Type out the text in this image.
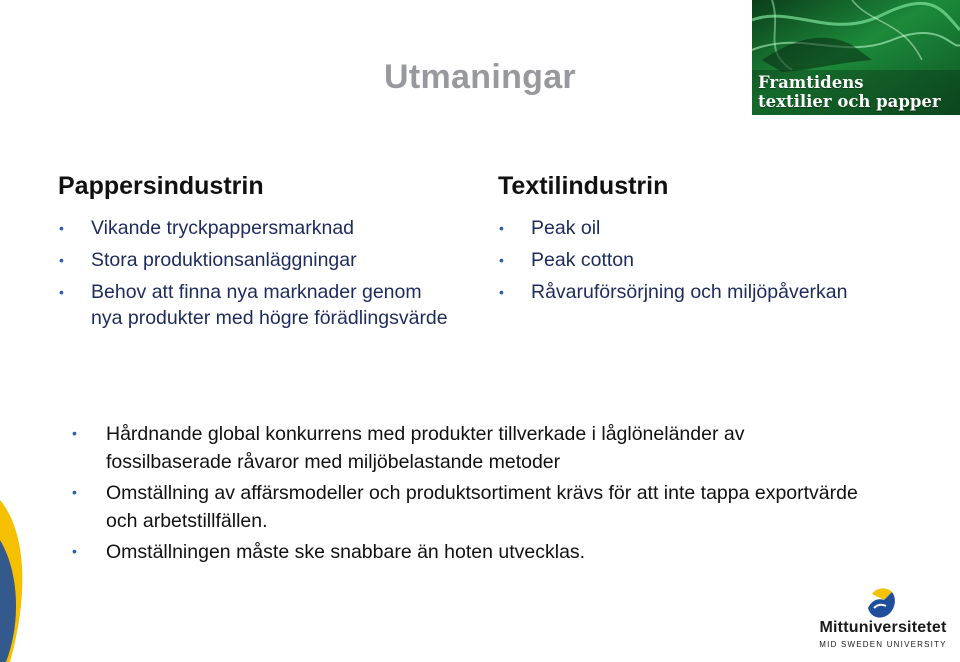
Utmaningar	Framtidens
textilier och papper
Pappersindustrin
• Vikande tryckpappersmarknad
• Stora produktionsanläggningar
• Behov att finna nya marknader genom nya produkter med högre förädlingsvärde
Textilindustrin
• Peak oil
• Peak cotton
• Råvaruförsörjning och miljöpåverkan
• Hårdnande global konkurrens med produkter tillverkade i låglöneländer av fossilbaserade råvaror med miljöbelastande metoder
• Omställning av affärsmodeller och produktsortiment krävs för att inte tappa exportvärde och arbetstillfällen.
• Omställningen måste ske snabbare än hoten utvecklas.
Mittuniversitetet
MID SWEDEN UNIVERSITY
